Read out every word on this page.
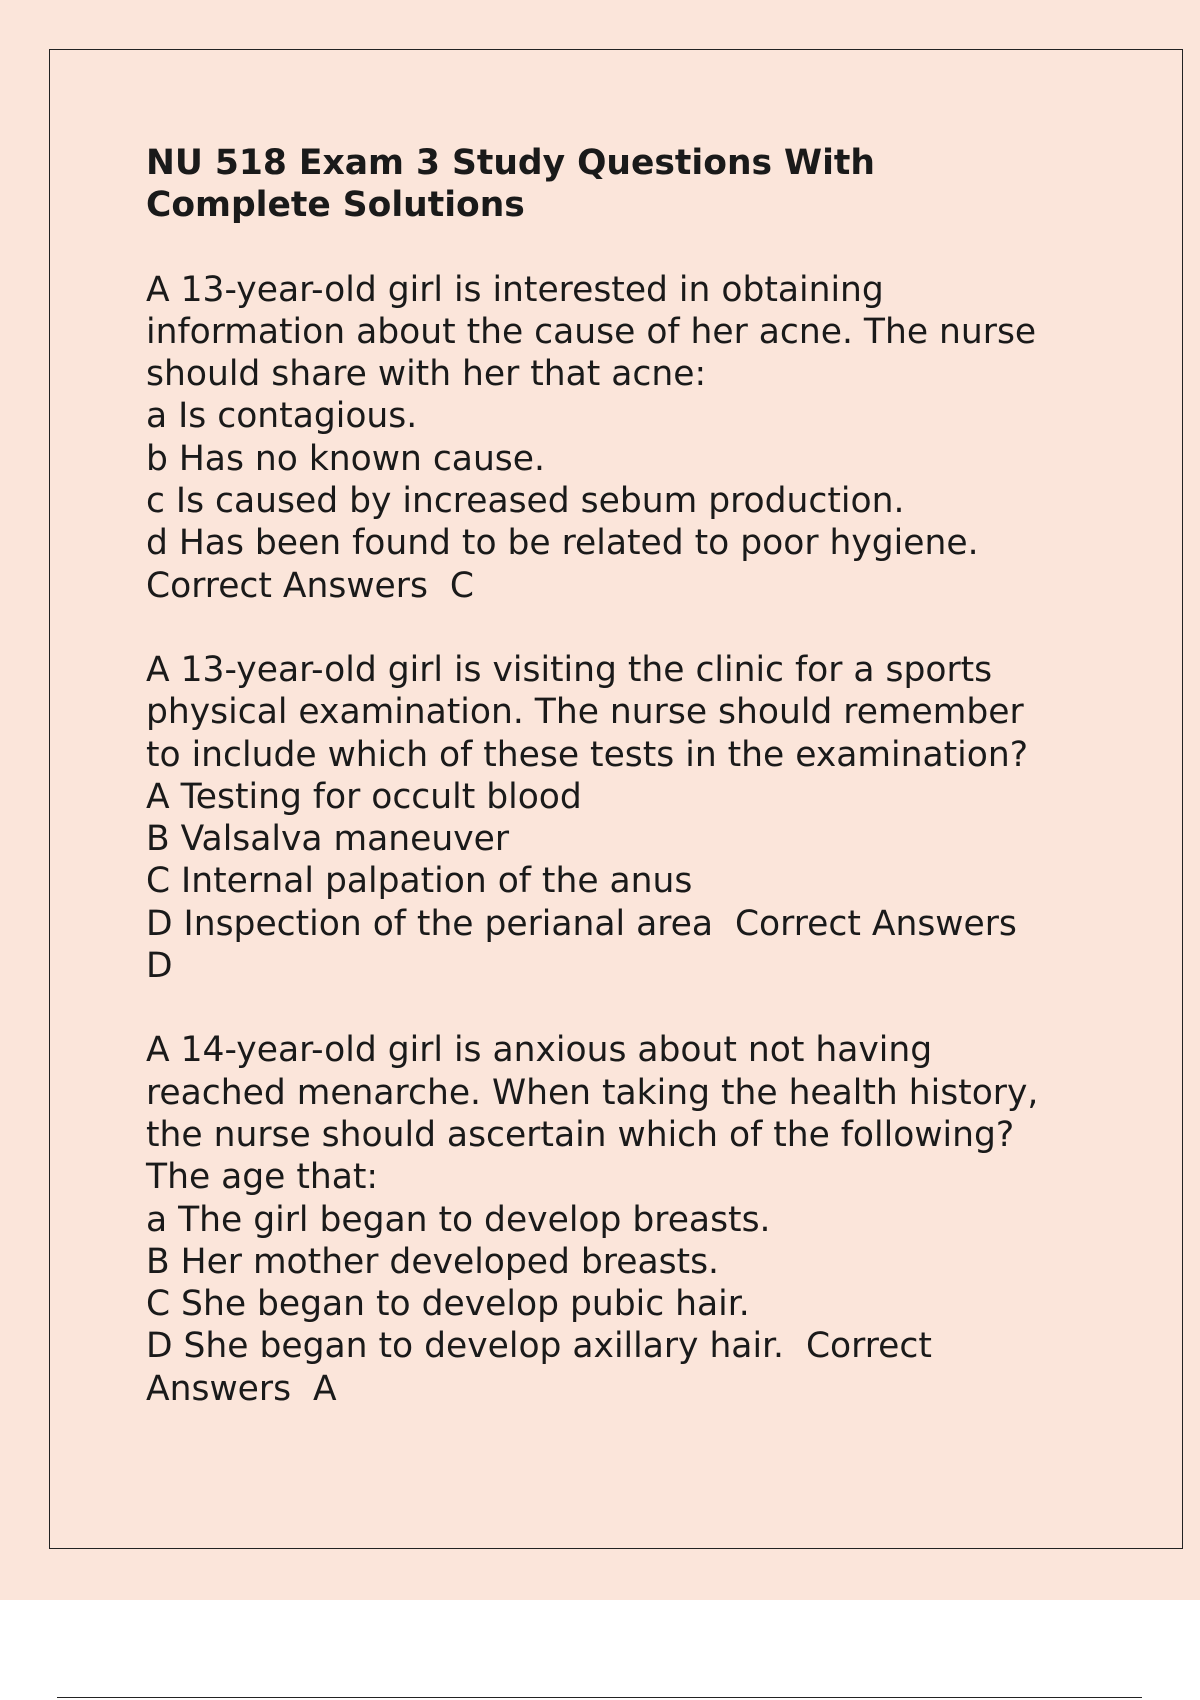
NU 518 Exam 3 Study Questions With
Complete Solutions
A 13-year-old girl is interested in obtaining
information about the cause of her acne. The nurse
should share with her that acne:
a Is contagious.
b Has no known cause.
c Is caused by increased sebum production.
d Has been found to be related to poor hygiene.
Correct Answers  C
A 13-year-old girl is visiting the clinic for a sports
physical examination. The nurse should remember
to include which of these tests in the examination?
A Testing for occult blood
B Valsalva maneuver
C Internal palpation of the anus
D Inspection of the perianal area  Correct Answers
D
A 14-year-old girl is anxious about not having
reached menarche. When taking the health history,
the nurse should ascertain which of the following?
The age that:
a The girl began to develop breasts.
B Her mother developed breasts.
C She began to develop pubic hair.
D She began to develop axillary hair.  Correct
Answers  A
